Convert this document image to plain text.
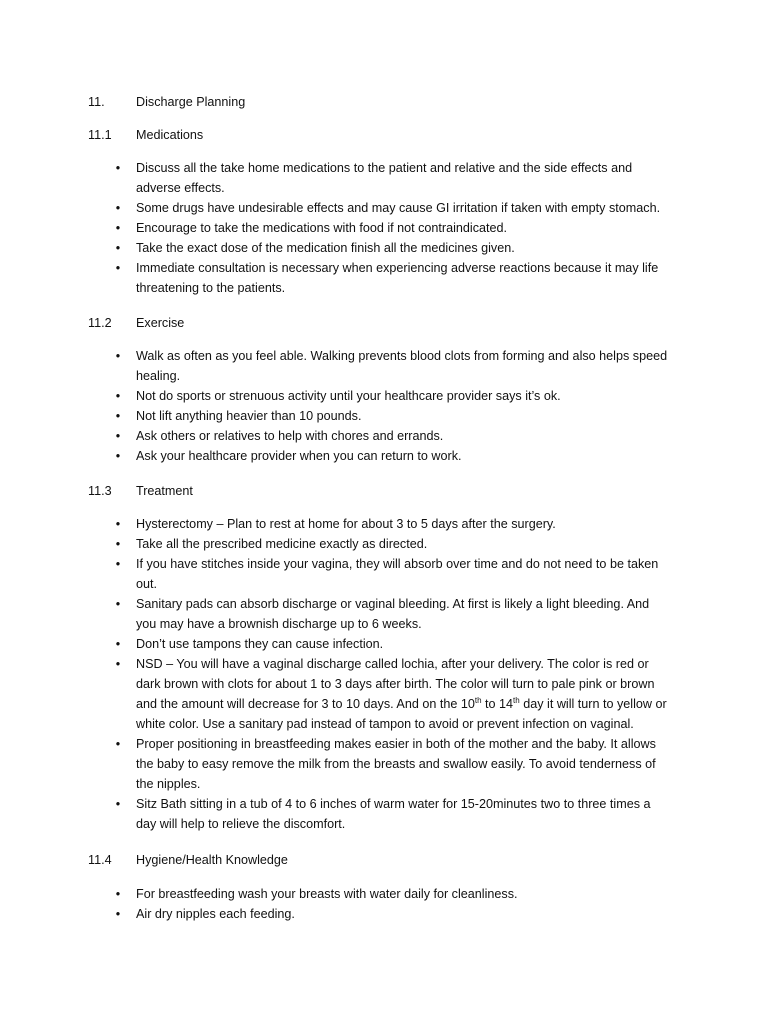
11. Discharge Planning
11.1 Medications
• Discuss all the take home medications to the patient and relative and the side effects and adverse effects.
• Some drugs have undesirable effects and may cause GI irritation if taken with empty stomach.
• Encourage to take the medications with food if not contraindicated.
• Take the exact dose of the medication finish all the medicines given.
• Immediate consultation is necessary when experiencing adverse reactions because it may life threatening to the patients.
11.2 Exercise
• Walk as often as you feel able. Walking prevents blood clots from forming and also helps speed healing.
• Not do sports or strenuous activity until your healthcare provider says it’s ok.
• Not lift anything heavier than 10 pounds.
• Ask others or relatives to help with chores and errands.
• Ask your healthcare provider when you can return to work.
11.3 Treatment
• Hysterectomy – Plan to rest at home for about 3 to 5 days after the surgery.
• Take all the prescribed medicine exactly as directed.
• If you have stitches inside your vagina, they will absorb over time and do not need to be taken out.
• Sanitary pads can absorb discharge or vaginal bleeding. At first is likely a light bleeding. And you may have a brownish discharge up to 6 weeks.
• Don’t use tampons they can cause infection.
• NSD – You will have a vaginal discharge called lochia, after your delivery. The color is red or dark brown with clots for about 1 to 3 days after birth. The color will turn to pale pink or brown and the amount will decrease for 3 to 10 days. And on the 10th to 14th day it will turn to yellow or white color. Use a sanitary pad instead of tampon to avoid or prevent infection on vaginal.
• Proper positioning in breastfeeding makes easier in both of the mother and the baby. It allows the baby to easy remove the milk from the breasts and swallow easily. To avoid tenderness of the nipples.
• Sitz Bath sitting in a tub of 4 to 6 inches of warm water for 15-20minutes two to three times a day will help to relieve the discomfort.
11.4 Hygiene/Health Knowledge
• For breastfeeding wash your breasts with water daily for cleanliness.
• Air dry nipples each feeding.
